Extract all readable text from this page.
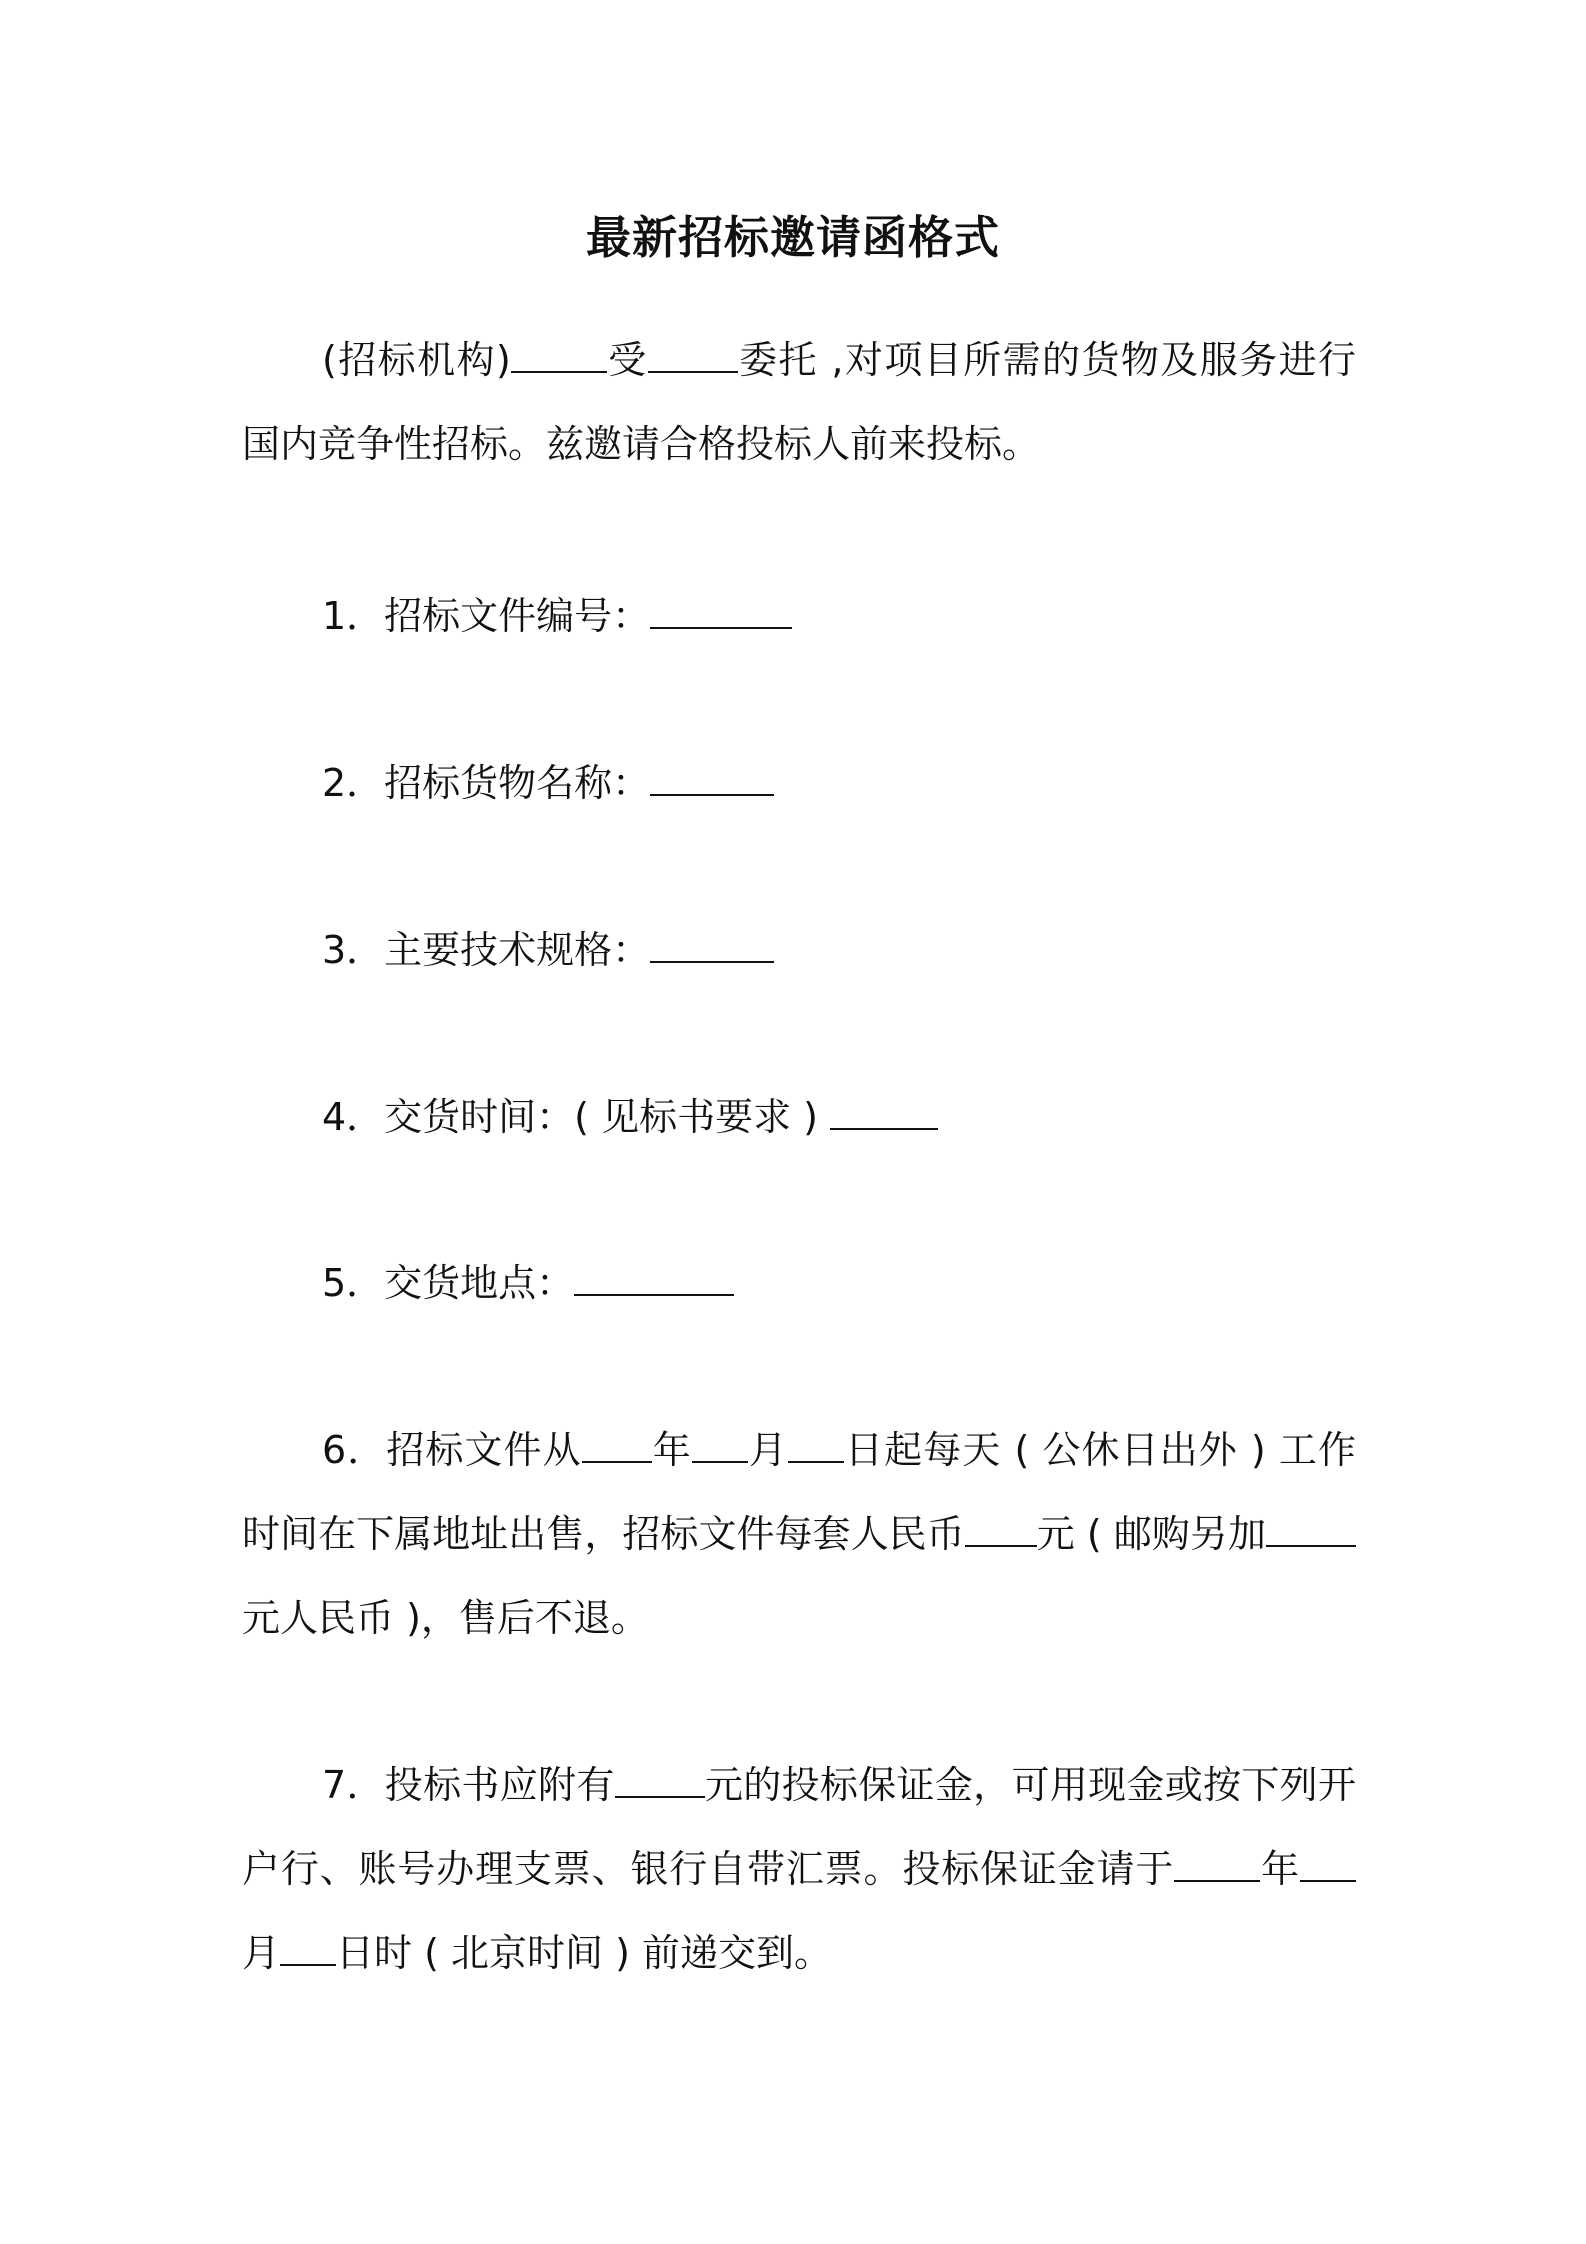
最新招标邀请函格式

(招标机构)	受 委托 ,对项目所需的货物及服务进行国内竞争性招标。兹邀请合格投标人前来投标。

1．招标文件编号：
2．招标货物名称：
3．主要技术规格：
4．交货时间：( 见标书要求 )
5．交货地点：

6．招标文件从 年 月 日起每天 ( 公休日出外 ) 工作时间在下属地址出售，招标文件每套人民币 元 ( 邮购另加元人民币 )，售后不退。

7．投标书应附有 元的投标保证金，可用现金或按下列开户行、账号办理支票、银行自带汇票。投标保证金请于 年月 日时 ( 北京时间 ) 前递交到。
